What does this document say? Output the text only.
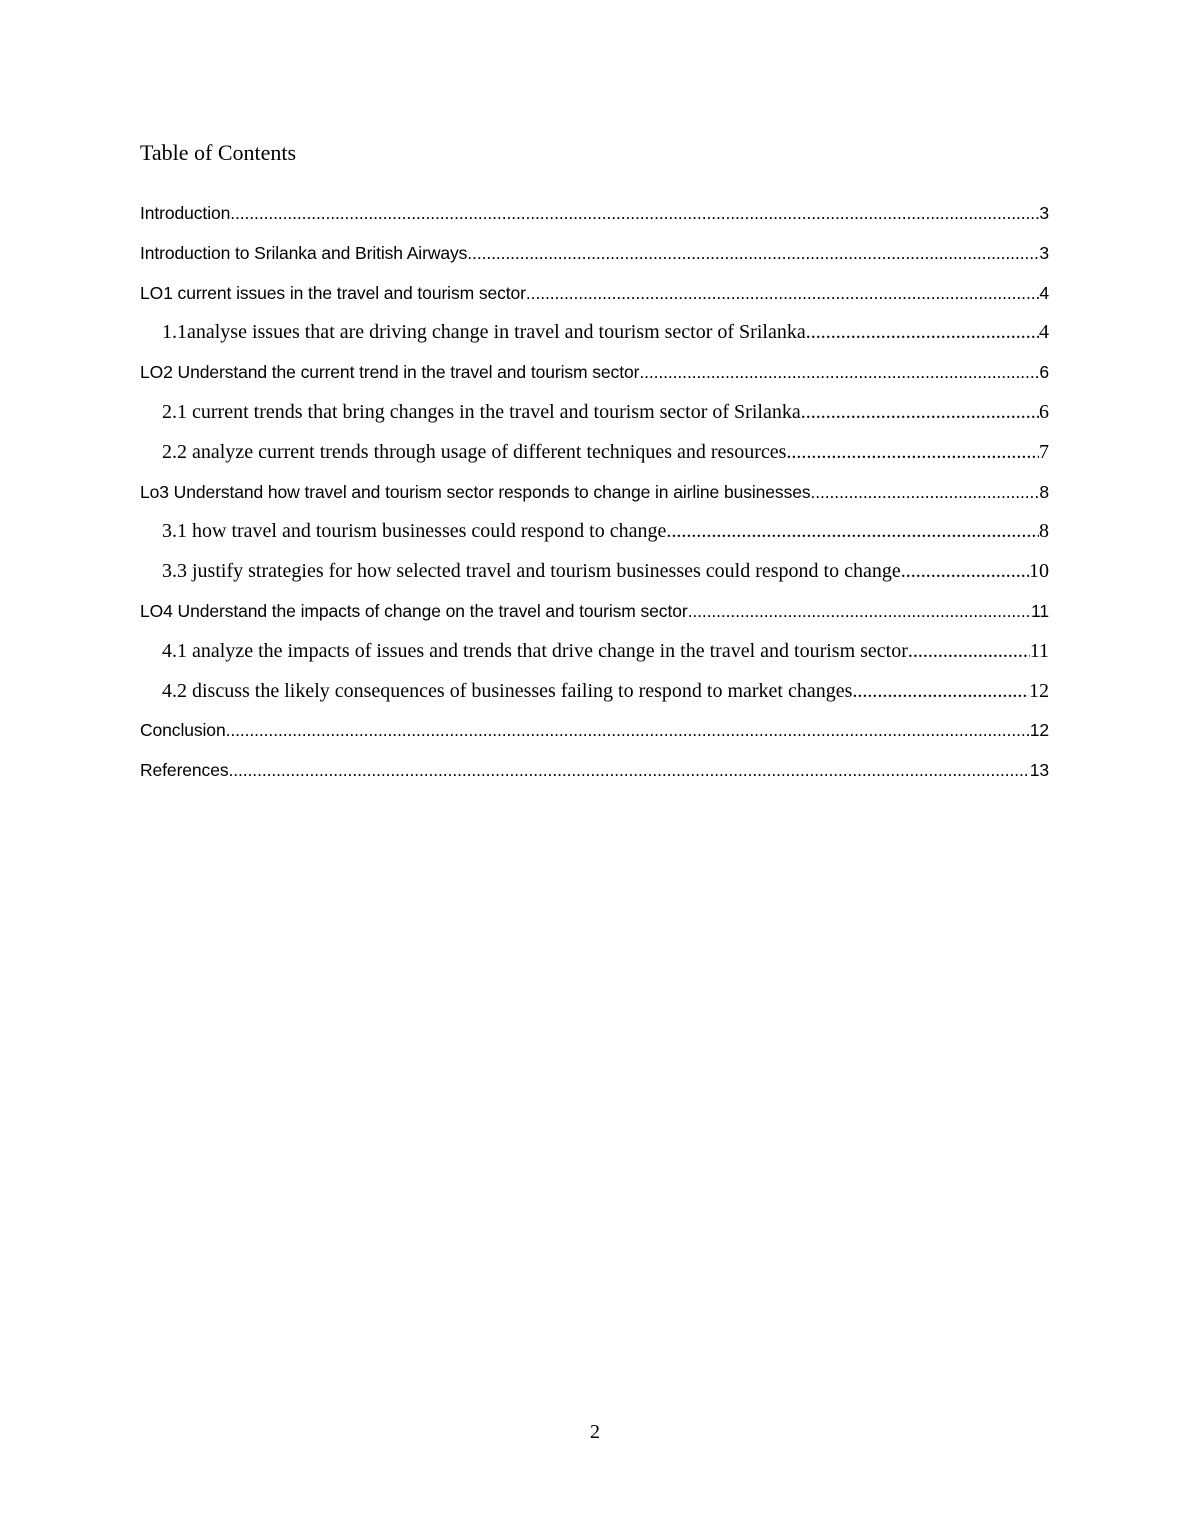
Table of Contents
Introduction .....	3
Introduction to Srilanka and British Airways .....	3
LO1 current issues in the travel and tourism sector .....	4
1.1analyse issues that are driving change in travel and tourism sector of Srilanka .....	4
LO2 Understand the current trend in the travel and tourism sector .....	6
2.1 current trends that bring changes in the travel and tourism sector of Srilanka .....	6
2.2 analyze current trends through usage of different techniques and resources .....	7
Lo3 Understand how travel and tourism sector responds to change in airline businesses .....	8
3.1 how travel and tourism businesses could respond to change .....	8
3.3 justify strategies for how selected travel and tourism businesses could respond to change .....	10
LO4 Understand the impacts of change on the travel and tourism sector .....	11
4.1 analyze the impacts of issues and trends that drive change in the travel and tourism sector .....	11
4.2 discuss the likely consequences of businesses failing to respond to market changes .....	12
Conclusion .....	12
References .....	13
2
